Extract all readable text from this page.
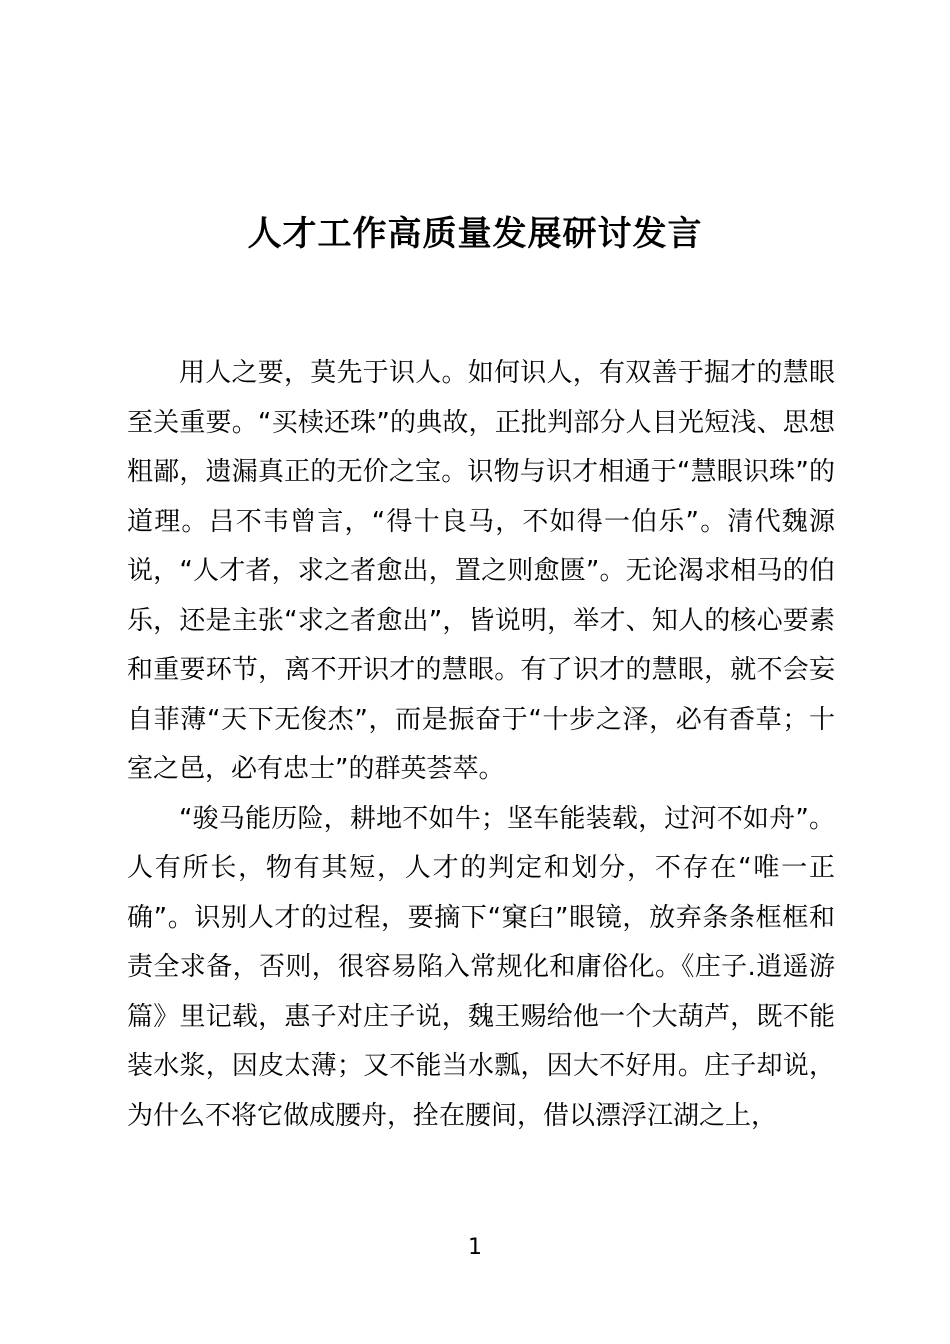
人才工作高质量发展研讨发言

用人之要，莫先于识人。如何识人，有双善于掘才的慧眼至关重要。“买椟还珠”的典故，正批判部分人目光短浅、思想粗鄙，遗漏真正的无价之宝。识物与识才相通于“慧眼识珠”的道理。吕不韦曾言，“得十良马，不如得一伯乐”。清代魏源说，“人才者，求之者愈出，置之则愈匮”。无论渴求相马的伯乐，还是主张“求之者愈出”，皆说明，举才、知人的核心要素和重要环节，离不开识才的慧眼。有了识才的慧眼，就不会妄自菲薄“天下无俊杰”，而是振奋于“十步之泽，必有香草；十室之邑，必有忠士”的群英荟萃。

“骏马能历险，耕地不如牛；坚车能装载，过河不如舟”。人有所长，物有其短，人才的判定和划分，不存在“唯一正确”。识别人才的过程，要摘下“窠臼”眼镜，放弃条条框框和责全求备，否则，很容易陷入常规化和庸俗化。《庄子.逍遥游篇》里记载，惠子对庄子说，魏王赐给他一个大葫芦，既不能装水浆，因皮太薄；又不能当水瓢，因大不好用。庄子却说，为什么不将它做成腰舟，拴在腰间，借以漂浮江湖之上，

1
